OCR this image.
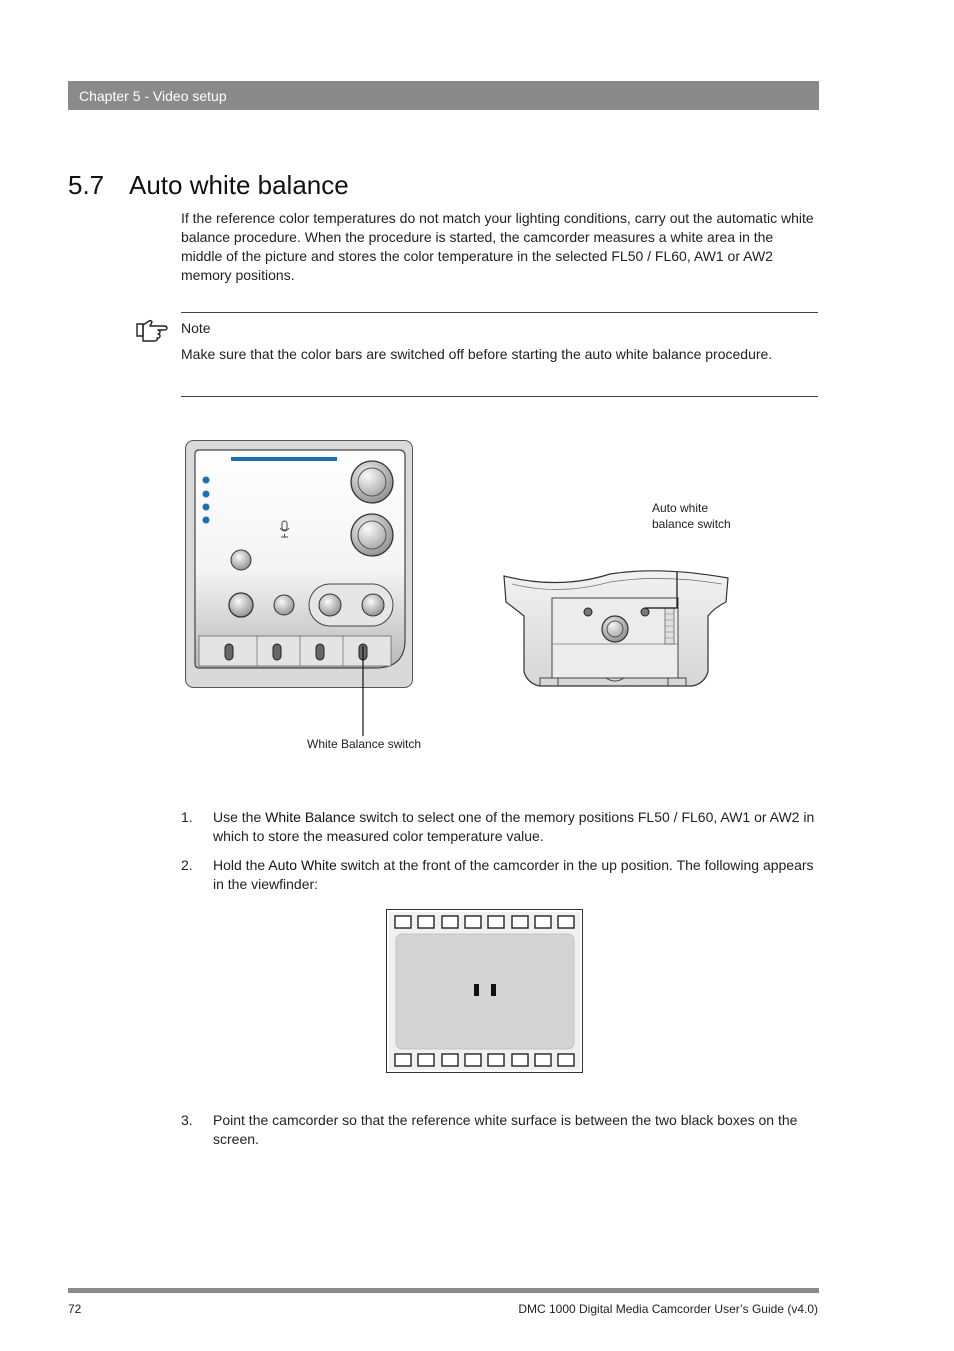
Chapter 5 - Video setup
5.7 Auto white balance
If the reference color temperatures do not match your lighting conditions, carry out the automatic white balance procedure. When the procedure is started, the camcorder measures a white area in the middle of the picture and stores the color temperature in the selected FL50 / FL60, AW1 or AW2 memory positions.
Note
Make sure that the color bars are switched off before starting the auto white balance procedure.
Auto white
balance switch
White Balance switch
1. Use the White Balance switch to select one of the memory positions FL50 / FL60, AW1 or AW2 in which to store the measured color temperature value.
2. Hold the Auto White switch at the front of the camcorder in the up position. The following appears in the viewfinder:
3. Point the camcorder so that the reference white surface is between the two black boxes on the screen.
72	DMC 1000 Digital Media Camcorder User’s Guide (v4.0)
